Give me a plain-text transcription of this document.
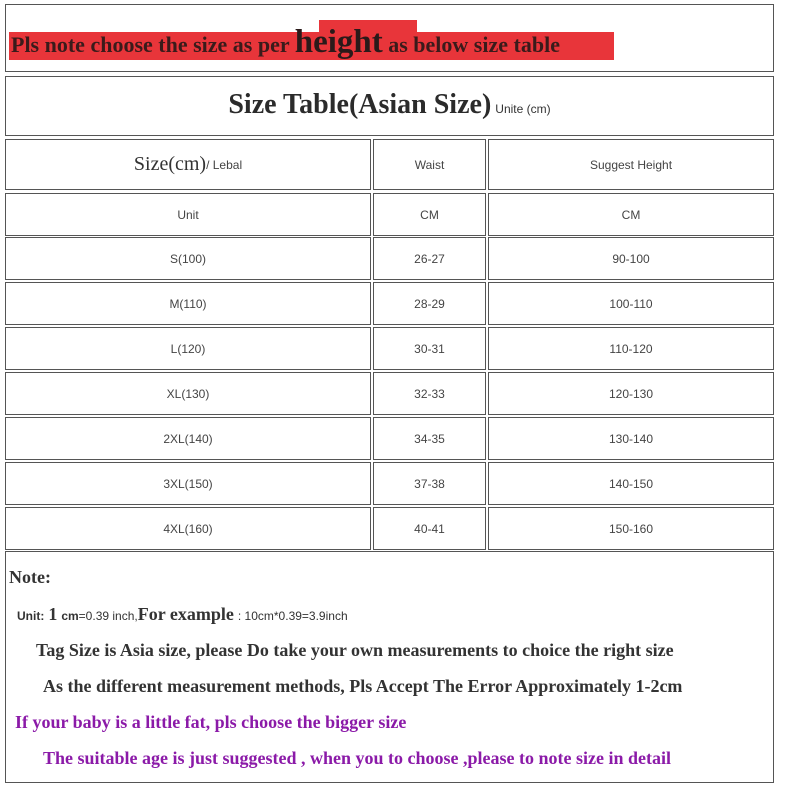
Pls note choose the size as per height as below size table
Size Table(Asian Size) Unite (cm)
Size(cm) / Lebal	Waist	Suggest Height
Unit	CM	CM
S(100)	26-27	90-100
M(110)	28-29	100-110
L(120)	30-31	110-120
XL(130)	32-33	120-130
2XL(140)	34-35	130-140
3XL(150)	37-38	140-150
4XL(160)	40-41	150-160
Note:
Unit: 1 cm=0.39 inch,For example : 10cm*0.39=3.9inch
Tag Size is Asia size, please Do take your own measurements to choice the right size
As the different measurement methods, Pls Accept The Error Approximately 1-2cm
If your baby is a little fat, pls choose the bigger size
The suitable age is just suggested , when you to choose ,please to note size in detail
